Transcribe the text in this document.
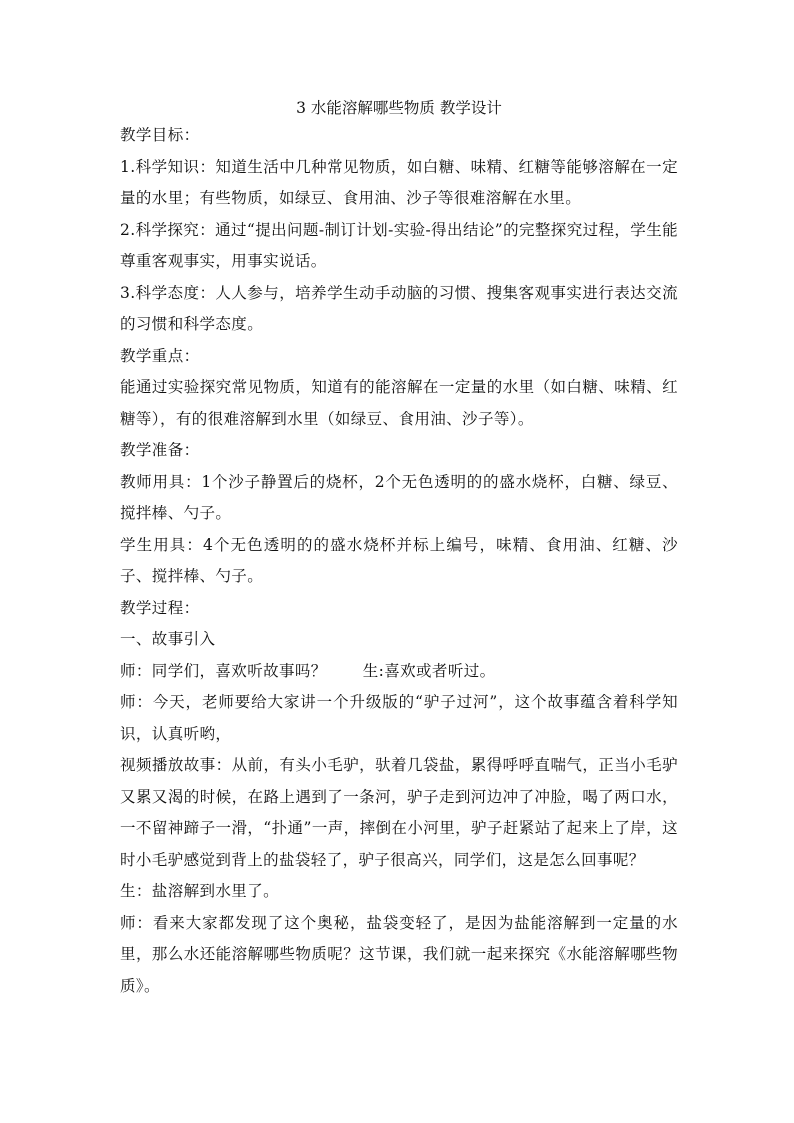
3 水能溶解哪些物质 教学设计

教学目标：

1.科学知识：知道生活中几种常见物质，如白糖、味精、红糖等能够溶解在一定量的水里；有些物质，如绿豆、食用油、沙子等很难溶解在水里。

2.科学探究：通过“提出问题-制订计划-实验-得出结论”的完整探究过程，学生能尊重客观事实，用事实说话。

3.科学态度：人人参与，培养学生动手动脑的习惯、搜集客观事实进行表达交流的习惯和科学态度。

教学重点：

能通过实验探究常见物质，知道有的能溶解在一定量的水里（如白糖、味精、红糖等），有的很难溶解到水里（如绿豆、食用油、沙子等）。

教学准备：

教师用具：1个沙子静置后的烧杯，2个无色透明的的盛水烧杯，白糖、绿豆、搅拌棒、勺子。

学生用具：4个无色透明的的盛水烧杯并标上编号，味精、食用油、红糖、沙子、搅拌棒、勺子。

教学过程：

一、故事引入

师：同学们，喜欢听故事吗？ 生:喜欢或者听过。

师：今天，老师要给大家讲一个升级版的“驴子过河”，这个故事蕴含着科学知识，认真听哟，

视频播放故事：从前，有头小毛驴，驮着几袋盐，累得呼呼直喘气，正当小毛驴又累又渴的时候，在路上遇到了一条河，驴子走到河边冲了冲脸，喝了两口水，一不留神蹄子一滑，“扑通”一声，摔倒在小河里，驴子赶紧站了起来上了岸，这时小毛驴感觉到背上的盐袋轻了，驴子很高兴，同学们，这是怎么回事呢？

生：盐溶解到水里了。

师：看来大家都发现了这个奥秘，盐袋变轻了，是因为盐能溶解到一定量的水里，那么水还能溶解哪些物质呢？这节课，我们就一起来探究《水能溶解哪些物质》。
